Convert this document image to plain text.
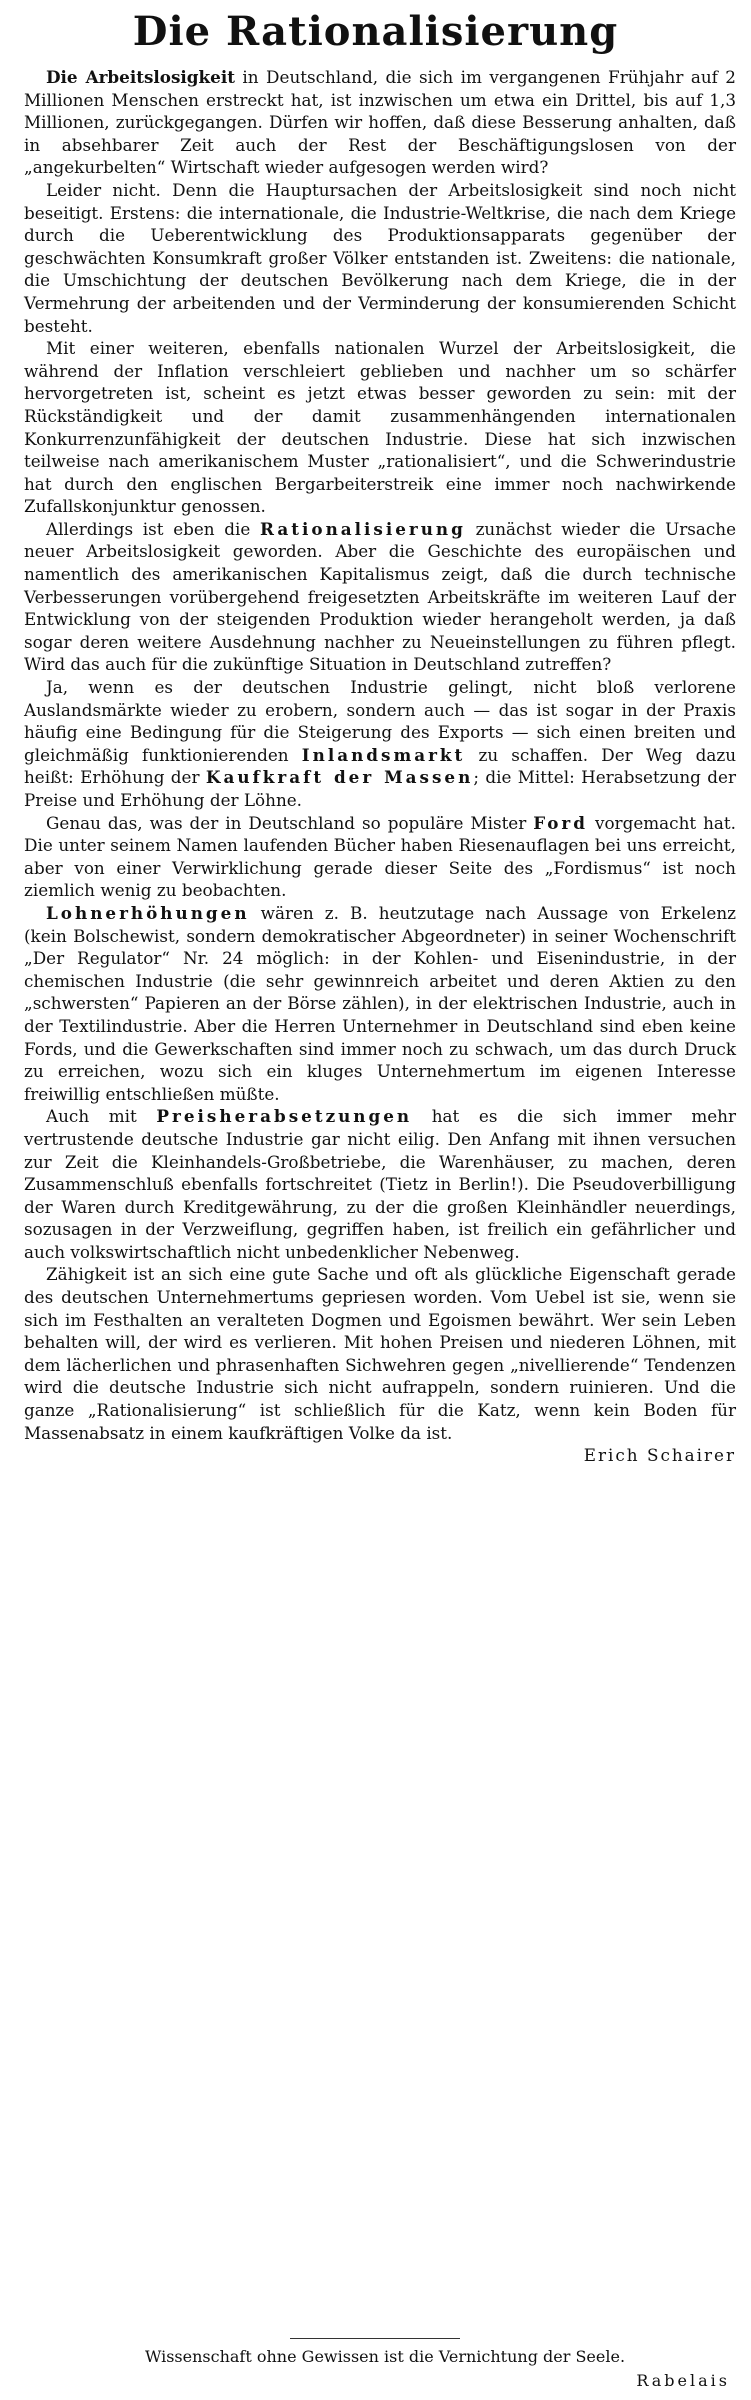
Die Rationalisierung

Die Arbeitslosigkeit in Deutschland, die sich im vergangenen Frühjahr auf 2 Millionen Menschen erstreckt hat, ist inzwischen um etwa ein Drittel, bis auf 1,3 Millionen, zurückgegangen. Dürfen wir hoffen, daß diese Besserung anhalten, daß in absehbarer Zeit auch der Rest der Beschäftigungslosen von der „angekurbelten“ Wirtschaft wieder aufgesogen werden wird?

Leider nicht. Denn die Hauptursachen der Arbeitslosigkeit sind noch nicht beseitigt. Erstens: die internationale, die Industrie-Weltkrise, die nach dem Kriege durch die Ueberentwicklung des Produktionsapparats gegenüber der geschwächten Konsumkraft großer Völker entstanden ist. Zweitens: die nationale, die Umschichtung der deutschen Bevölkerung nach dem Kriege, die in der Vermehrung der arbeitenden und der Verminderung der konsumierenden Schicht besteht.

Mit einer weiteren, ebenfalls nationalen Wurzel der Arbeitslosigkeit, die während der Inflation verschleiert geblieben und nachher um so schärfer hervorgetreten ist, scheint es jetzt etwas besser geworden zu sein: mit der Rückständigkeit und der damit zusammenhängenden internationalen Konkurrenzunfähigkeit der deutschen Industrie. Diese hat sich inzwischen teilweise nach amerikanischem Muster „rationalisiert“, und die Schwerindustrie hat durch den englischen Bergarbeiterstreik eine immer noch nachwirkende Zufallskonjunktur genossen.

Allerdings ist eben die Rationalisierung zunächst wieder die Ursache neuer Arbeitslosigkeit geworden. Aber die Geschichte des europäischen und namentlich des amerikanischen Kapitalismus zeigt, daß die durch technische Verbesserungen vorübergehend freigesetzten Arbeitskräfte im weiteren Lauf der Entwicklung von der steigenden Produktion wieder herangeholt werden, ja daß sogar deren weitere Ausdehnung nachher zu Neueinstellungen zu führen pflegt. Wird das auch für die zukünftige Situation in Deutschland zutreffen?

Ja, wenn es der deutschen Industrie gelingt, nicht bloß verlorene Auslandsmärkte wieder zu erobern, sondern auch — das ist sogar in der Praxis häufig eine Bedingung für die Steigerung des Exports — sich einen breiten und gleichmäßig funktionierenden Inlandsmarkt zu schaffen. Der Weg dazu heißt: Erhöhung der Kaufkraft der Massen; die Mittel: Herabsetzung der Preise und Erhöhung der Löhne.

Genau das, was der in Deutschland so populäre Mister Ford vorgemacht hat. Die unter seinem Namen laufenden Bücher haben Riesenauflagen bei uns erreicht, aber von einer Verwirklichung gerade dieser Seite des „Fordismus“ ist noch ziemlich wenig zu beobachten.

Lohnerhöhungen wären z. B. heutzutage nach Aussage von Erkelenz (kein Bolschewist, sondern demokratischer Abgeordneter) in seiner Wochenschrift „Der Regulator“ Nr. 24 möglich: in der Kohlen- und Eisenindustrie, in der chemischen Industrie (die sehr gewinnreich arbeitet und deren Aktien zu den „schwersten“ Papieren an der Börse zählen), in der elektrischen Industrie, auch in der Textilindustrie. Aber die Herren Unternehmer in Deutschland sind eben keine Fords, und die Gewerkschaften sind immer noch zu schwach, um das durch Druck zu erreichen, wozu sich ein kluges Unternehmertum im eigenen Interesse freiwillig entschließen müßte.

Auch mit Preisherabsetzungen hat es die sich immer mehr vertrustende deutsche Industrie gar nicht eilig. Den Anfang mit ihnen versuchen zur Zeit die Kleinhandels-Großbetriebe, die Warenhäuser, zu machen, deren Zusammenschluß ebenfalls fortschreitet (Tietz in Berlin!). Die Pseudoverbilligung der Waren durch Kreditgewährung, zu der die großen Kleinhändler neuerdings, sozusagen in der Verzweiflung, gegriffen haben, ist freilich ein gefährlicher und auch volkswirtschaftlich nicht unbedenklicher Nebenweg.

Zähigkeit ist an sich eine gute Sache und oft als glückliche Eigenschaft gerade des deutschen Unternehmertums gepriesen worden. Vom Uebel ist sie, wenn sie sich im Festhalten an veralteten Dogmen und Egoismen bewährt. Wer sein Leben behalten will, der wird es verlieren. Mit hohen Preisen und niederen Löhnen, mit dem lächerlichen und phrasenhaften Sichwehren gegen „nivellierende“ Tendenzen wird die deutsche Industrie sich nicht aufrappeln, sondern ruinieren. Und die ganze „Rationalisierung“ ist schließlich für die Katz, wenn kein Boden für Massenabsatz in einem kaufkräftigen Volke da ist.

Erich Schairer

Wissenschaft ohne Gewissen ist die Vernichtung der Seele.

Rabelais
